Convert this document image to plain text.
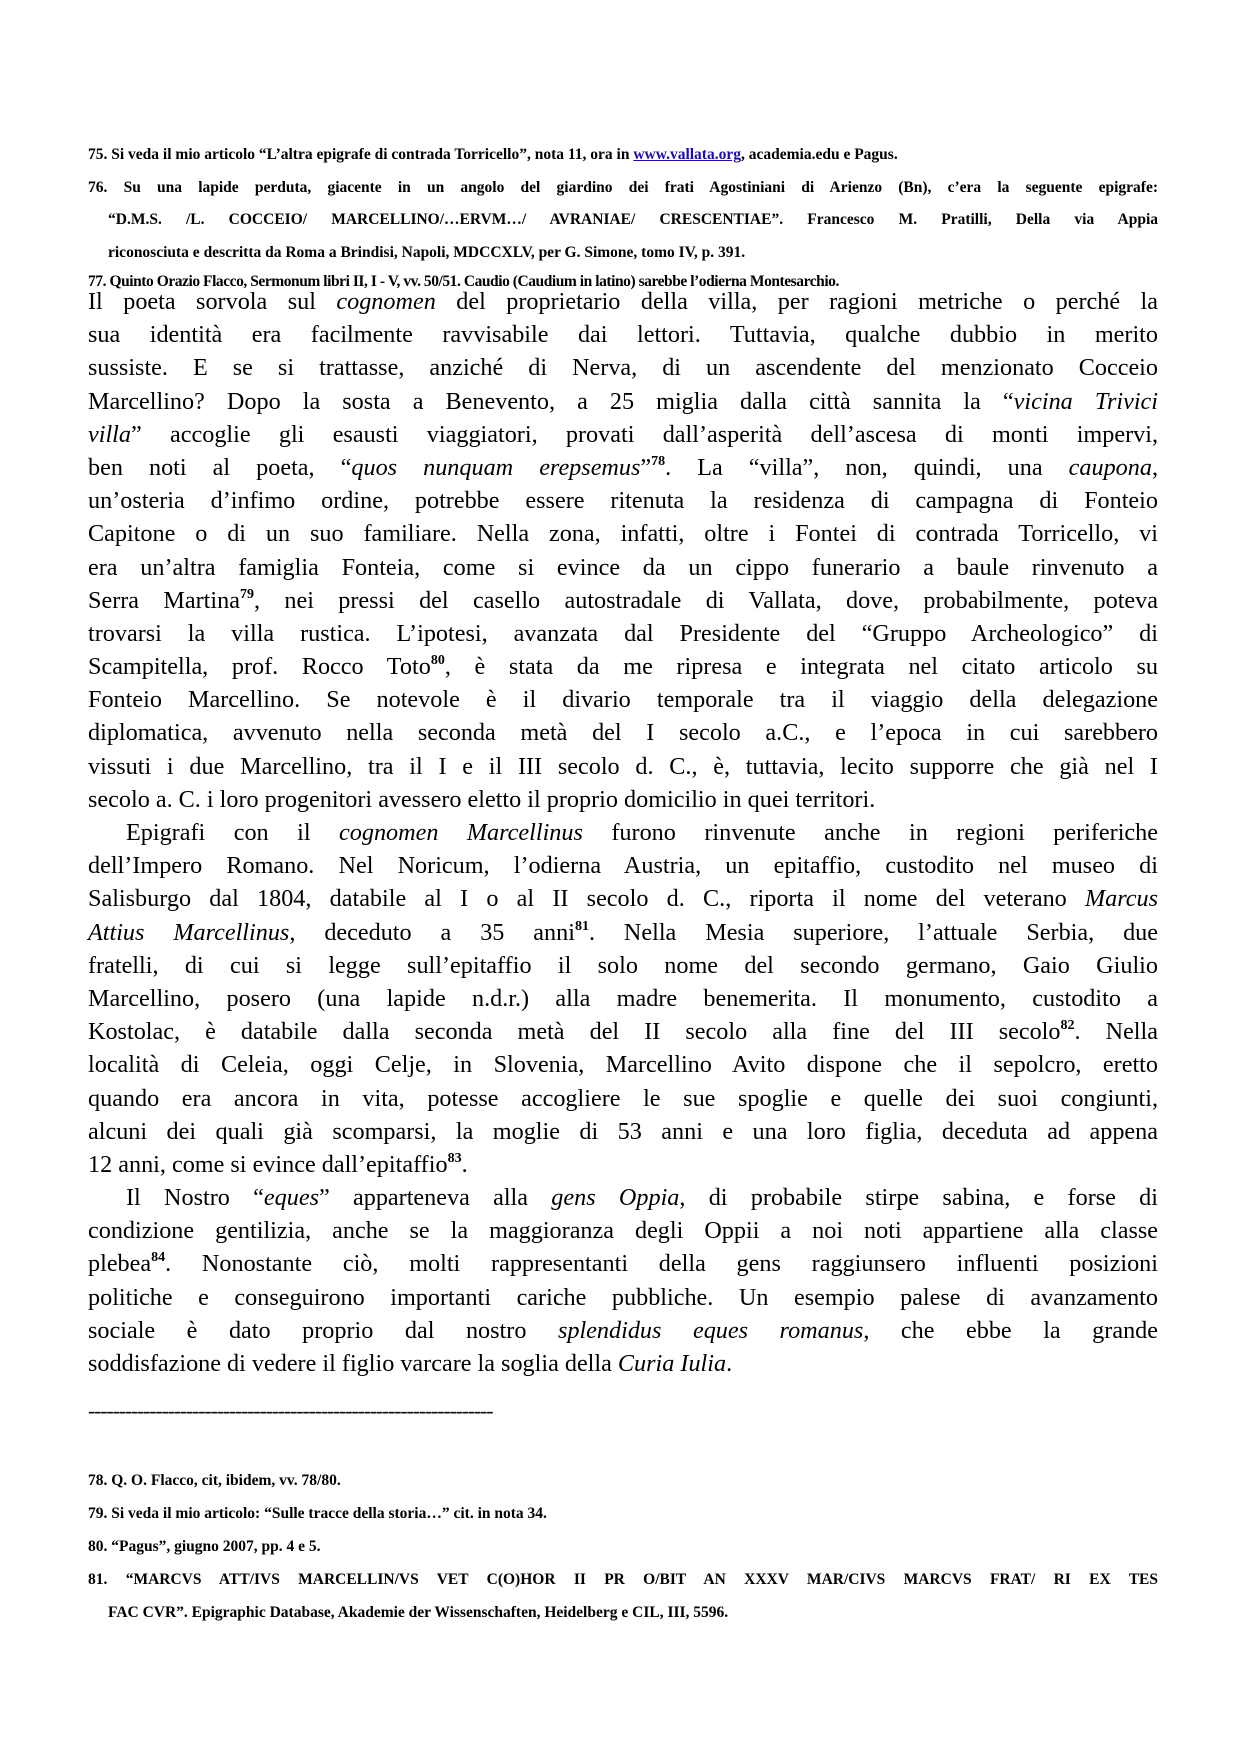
75. Si veda il mio articolo “L’altra epigrafe di contrada Torricello”, nota 11, ora in www.vallata.org, academia.edu e Pagus.
76. Su una lapide perduta, giacente in un angolo del giardino dei frati Agostiniani di Arienzo (Bn), c’era la seguente epigrafe:
“D.M.S. /L. COCCEIO/ MARCELLINO/…ERVM…/ AVRANIAE/ CRESCENTIAE”. Francesco M. Pratilli, Della via Appia
riconosciuta e descritta da Roma a Brindisi, Napoli, MDCCXLV, per G. Simone, tomo IV, p. 391.
77. Quinto Orazio Flacco, Sermonum libri II, I - V, vv. 50/51. Caudio (Caudium in latino) sarebbe l’odierna Montesarchio.
Il poeta sorvola sul cognomen del proprietario della villa, per ragioni metriche o perché la
sua identità era facilmente ravvisabile dai lettori. Tuttavia, qualche dubbio in merito
sussiste. E se si trattasse, anziché di Nerva, di un ascendente del menzionato Cocceio
Marcellino? Dopo la sosta a Benevento, a 25 miglia dalla città sannita la “vicina Trivici
villa” accoglie gli esausti viaggiatori, provati dall’asperità dell’ascesa di monti impervi,
ben noti al poeta, “quos nunquam erepsemus”$^{78}$. La “villa”, non, quindi, una caupona,
un’osteria d’infimo ordine, potrebbe essere ritenuta la residenza di campagna di Fonteio
Capitone o di un suo familiare. Nella zona, infatti, oltre i Fontei di contrada Torricello, vi
era un’altra famiglia Fonteia, come si evince da un cippo funerario a baule rinvenuto a
Serra Martina$^{79}$, nei pressi del casello autostradale di Vallata, dove, probabilmente, poteva
trovarsi la villa rustica. L’ipotesi, avanzata dal Presidente del “Gruppo Archeologico” di
Scampitella, prof. Rocco Toto$^{80}$, è stata da me ripresa e integrata nel citato articolo su
Fonteio Marcellino. Se notevole è il divario temporale tra il viaggio della delegazione
diplomatica, avvenuto nella seconda metà del I secolo a.C., e l’epoca in cui sarebbero
vissuti i due Marcellino, tra il I e il III secolo d. C., è, tuttavia, lecito supporre che già nel I
secolo a. C. i loro progenitori avessero eletto il proprio domicilio in quei territori.
Epigrafi con il cognomen Marcellinus furono rinvenute anche in regioni periferiche
dell’Impero Romano. Nel Noricum, l’odierna Austria, un epitaffio, custodito nel museo di
Salisburgo dal 1804, databile al I o al II secolo d. C., riporta il nome del veterano Marcus
Attius Marcellinus, deceduto a 35 anni$^{81}$. Nella Mesia superiore, l’attuale Serbia, due
fratelli, di cui si legge sull’epitaffio il solo nome del secondo germano, Gaio Giulio
Marcellino, posero (una lapide n.d.r.) alla madre benemerita. Il monumento, custodito a
Kostolac, è databile dalla seconda metà del II secolo alla fine del III secolo$^{82}$. Nella
località di Celeia, oggi Celje, in Slovenia, Marcellino Avito dispone che il sepolcro, eretto
quando era ancora in vita, potesse accogliere le sue spoglie e quelle dei suoi congiunti,
alcuni dei quali già scomparsi, la moglie di 53 anni e una loro figlia, deceduta ad appena
12 anni, come si evince dall’epitaffio$^{83}$.
Il Nostro “eques” apparteneva alla gens Oppia, di probabile stirpe sabina, e forse di
condizione gentilizia, anche se la maggioranza degli Oppii a noi noti appartiene alla classe
plebea$^{84}$. Nonostante ciò, molti rappresentanti della gens raggiunsero influenti posizioni
politiche e conseguirono importanti cariche pubbliche. Un esempio palese di avanzamento
sociale è dato proprio dal nostro splendidus eques romanus, che ebbe la grande
soddisfazione di vedere il figlio varcare la soglia della Curia Iulia.
------------------------------------------------------------------
78. Q. O. Flacco, cit, ibidem, vv. 78/80.
79. Si veda il mio articolo: “Sulle tracce della storia…” cit. in nota 34.
80. “Pagus”, giugno 2007, pp. 4 e 5.
81. “MARCVS ATT/IVS MARCELLIN/VS VET C(O)HOR II PR O/BIT AN XXXV MAR/CIVS MARCVS FRAT/ RI EX TES
FAC CVR”. Epigraphic Database, Akademie der Wissenschaften, Heidelberg e CIL, III, 5596.
